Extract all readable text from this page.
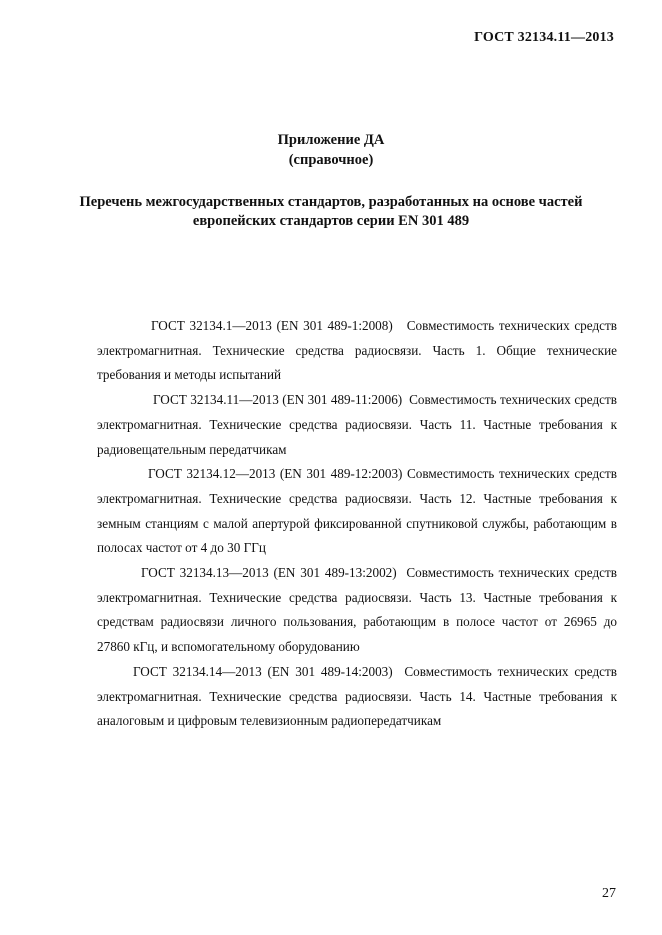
ГОСТ 32134.11—2013
Приложение ДА
(справочное)
Перечень межгосударственных стандартов, разработанных на основе частей европейских стандартов серии EN 301 489

ГОСТ 32134.1—2013 (EN 301 489-1:2008) Совместимость технических средств электромагнитная. Технические средства радиосвязи. Часть 1. Общие технические требования и методы испытаний

ГОСТ 32134.11—2013 (EN 301 489-11:2006) Совместимость технических средств электромагнитная. Технические средства радиосвязи. Часть 11. Частные требования к радиовещательным передатчикам

ГОСТ 32134.12—2013 (EN 301 489-12:2003) Совместимость технических средств электромагнитная. Технические средства радиосвязи. Часть 12. Частные требования к земным станциям с малой апертурой фиксированной спутниковой службы, работающим в полосах частот от 4 до 30 ГГц

ГОСТ 32134.13—2013 (EN 301 489-13:2002) Совместимость технических средств электромагнитная. Технические средства радиосвязи. Часть 13. Частные требования к средствам радиосвязи личного пользования, работающим в полосе частот от 26965 до 27860 кГц, и вспомогательному оборудованию

ГОСТ 32134.14—2013 (EN 301 489-14:2003) Совместимость технических средств электромагнитная. Технические средства радиосвязи. Часть 14. Частные требования к аналоговым и цифровым телевизионным радиопередатчикам

27
